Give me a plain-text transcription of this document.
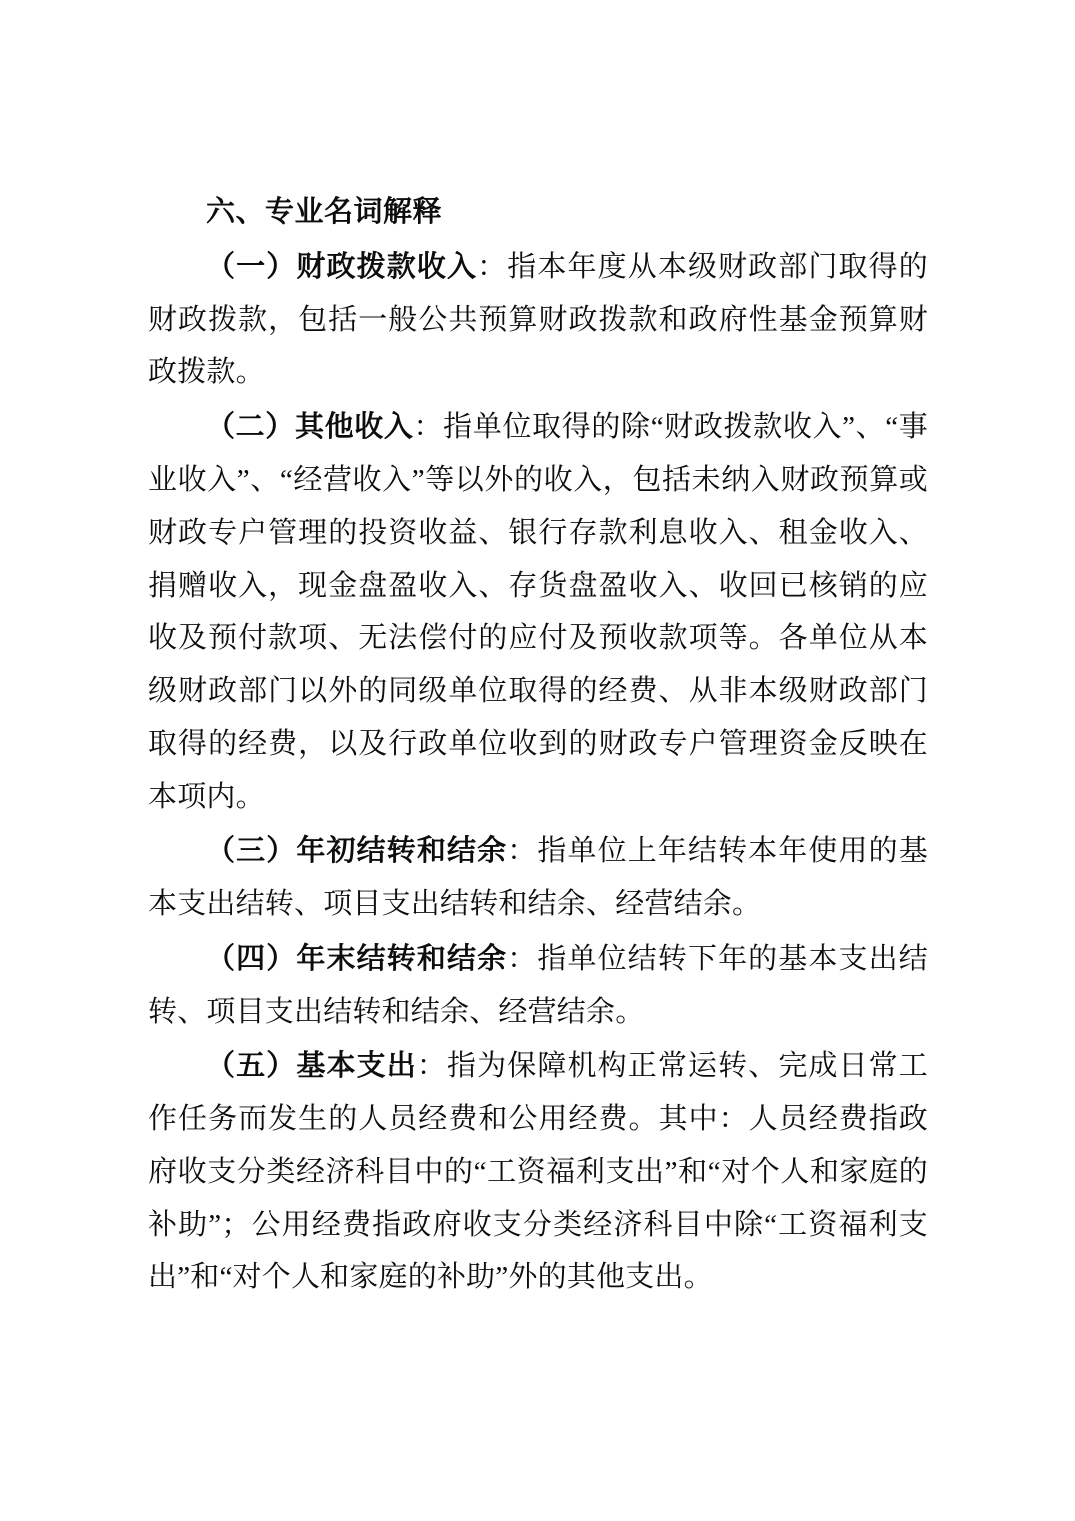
六、专业名词解释

（一）财政拨款收入：指本年度从本级财政部门取得的财政拨款，包括一般公共预算财政拨款和政府性基金预算财政拨款。

（二）其他收入：指单位取得的除“财政拨款收入”、“事业收入”、“经营收入”等以外的收入，包括未纳入财政预算或财政专户管理的投资收益、银行存款利息收入、租金收入、捐赠收入，现金盘盈收入、存货盘盈收入、收回已核销的应收及预付款项、无法偿付的应付及预收款项等。各单位从本级财政部门以外的同级单位取得的经费、从非本级财政部门取得的经费，以及行政单位收到的财政专户管理资金反映在本项内。

（三）年初结转和结余：指单位上年结转本年使用的基本支出结转、项目支出结转和结余、经营结余。

（四）年末结转和结余：指单位结转下年的基本支出结转、项目支出结转和结余、经营结余。

（五）基本支出：指为保障机构正常运转、完成日常工作任务而发生的人员经费和公用经费。其中：人员经费指政府收支分类经济科目中的“工资福利支出”和“对个人和家庭的补助”；公用经费指政府收支分类经济科目中除“工资福利支出”和“对个人和家庭的补助”外的其他支出。
